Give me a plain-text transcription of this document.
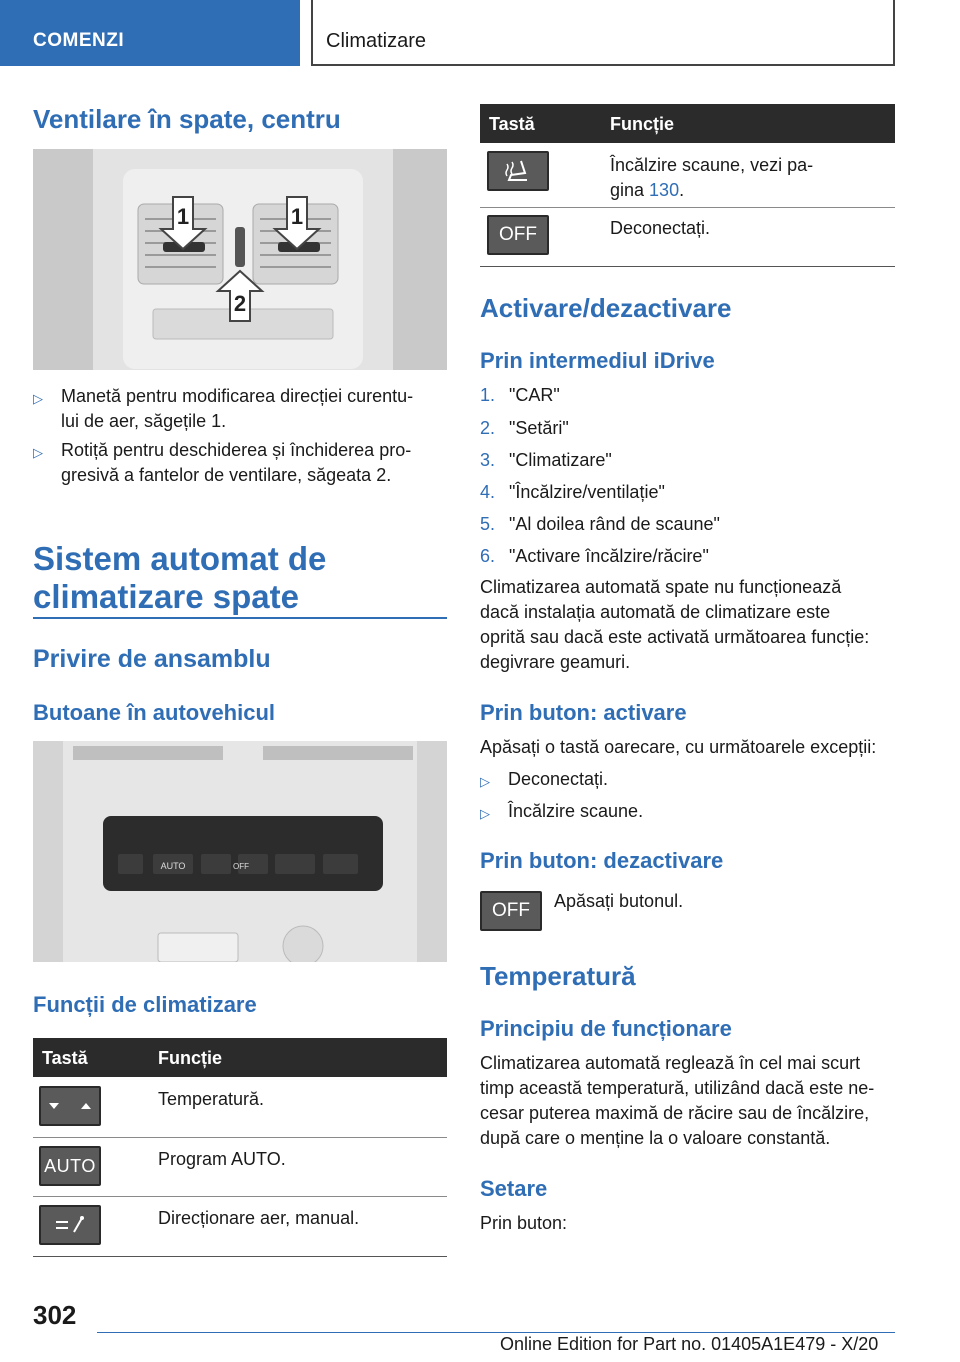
COMENZI	Climatizare
Ventilare în spate, centru
1	1
2
▷ Manetă pentru modificarea direcției curentu-
lui de aer, săgețile 1.
▷ Rotiță pentru deschiderea și închiderea pro-
gresivă a fantelor de ventilare, săgeata 2.
Sistem automat de
climatizare spate
Privire de ansamblu
Butoane în autovehicul
AUTO	OFF
Funcții de climatizare
Tastă	Funcție
Temperatură.
AUTO	Program AUTO.
Direcționare aer, manual.
Tastă	Funcție
Încălzire scaune, vezi pa-
gina 130.
OFF	Deconectați.
Activare/dezactivare
Prin intermediul iDrive
1. "CAR"
2. "Setări"
3. "Climatizare"
4. "Încălzire/ventilație"
5. "Al doilea rând de scaune"
6. "Activare încălzire/răcire"
Climatizarea automată spate nu funcționează
dacă instalația automată de climatizare este
oprită sau dacă este activată următoarea funcție:
degivrare geamuri.
Prin buton: activare
Apăsați o tastă oarecare, cu următoarele excepții:
▷ Deconectați.
▷ Încălzire scaune.
Prin buton: dezactivare
OFF Apăsați butonul.
Temperatură
Principiu de funcționare
Climatizarea automată reglează în cel mai scurt
timp această temperatură, utilizând dacă este ne-
cesar puterea maximă de răcire sau de încălzire,
după care o menține la o valoare constantă.
Setare
Prin buton:
302
Online Edition for Part no. 01405A1E479 - X/20
